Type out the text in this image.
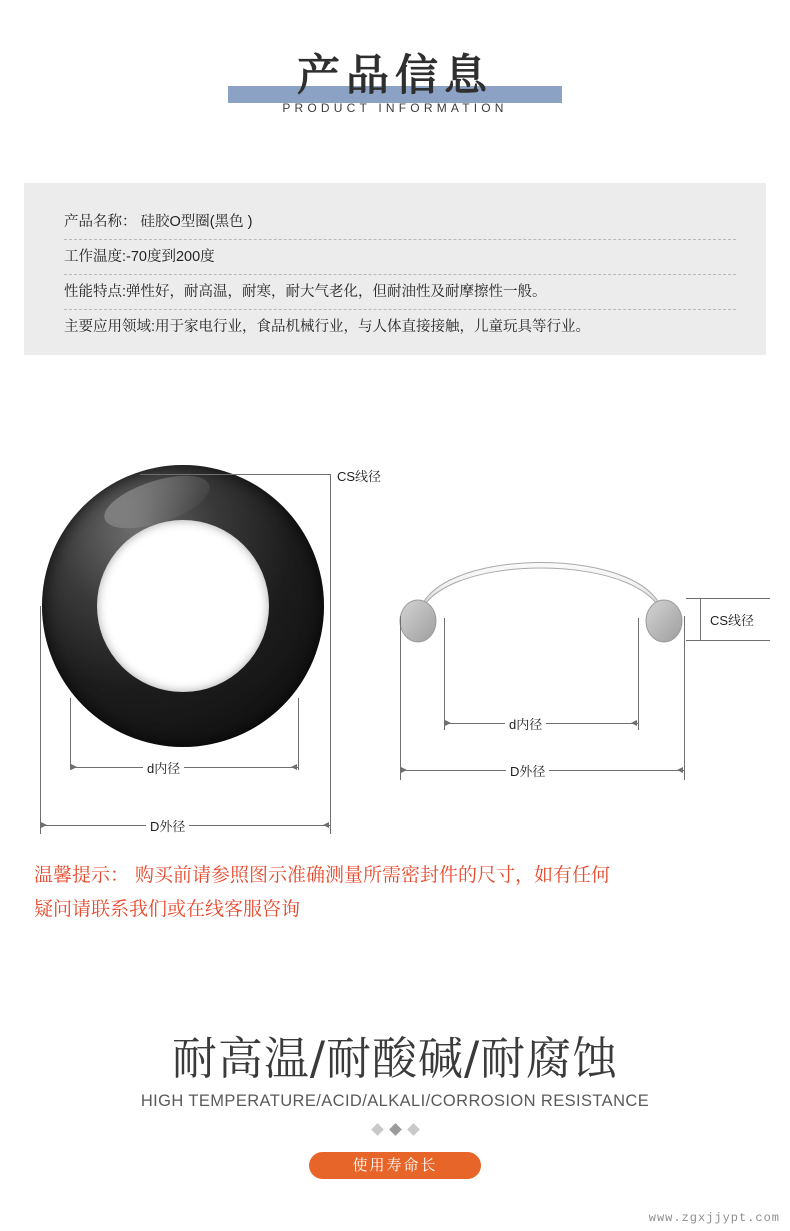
产品信息
PRODUCT INFORMATION
产品名称： 硅胶O型圈(黑色 )
工作温度:-70度到200度
性能特点:弹性好，耐高温，耐寒，耐大气老化，但耐油性及耐摩擦性一般。
主要应用领域:用于家电行业，食品机械行业，与人体直接接触，儿童玩具等行业。
CS线径
d内径
D外径
CS线径
d内径
D外径
温馨提示： 购买前请参照图示准确测量所需密封件的尺寸，如有任何
疑问请联系我们或在线客服咨询
耐高温/耐酸碱/耐腐蚀
HIGH TEMPERATURE/ACID/ALKALI/CORROSION RESISTANCE
使用寿命长
www.zgxjjypt.com
